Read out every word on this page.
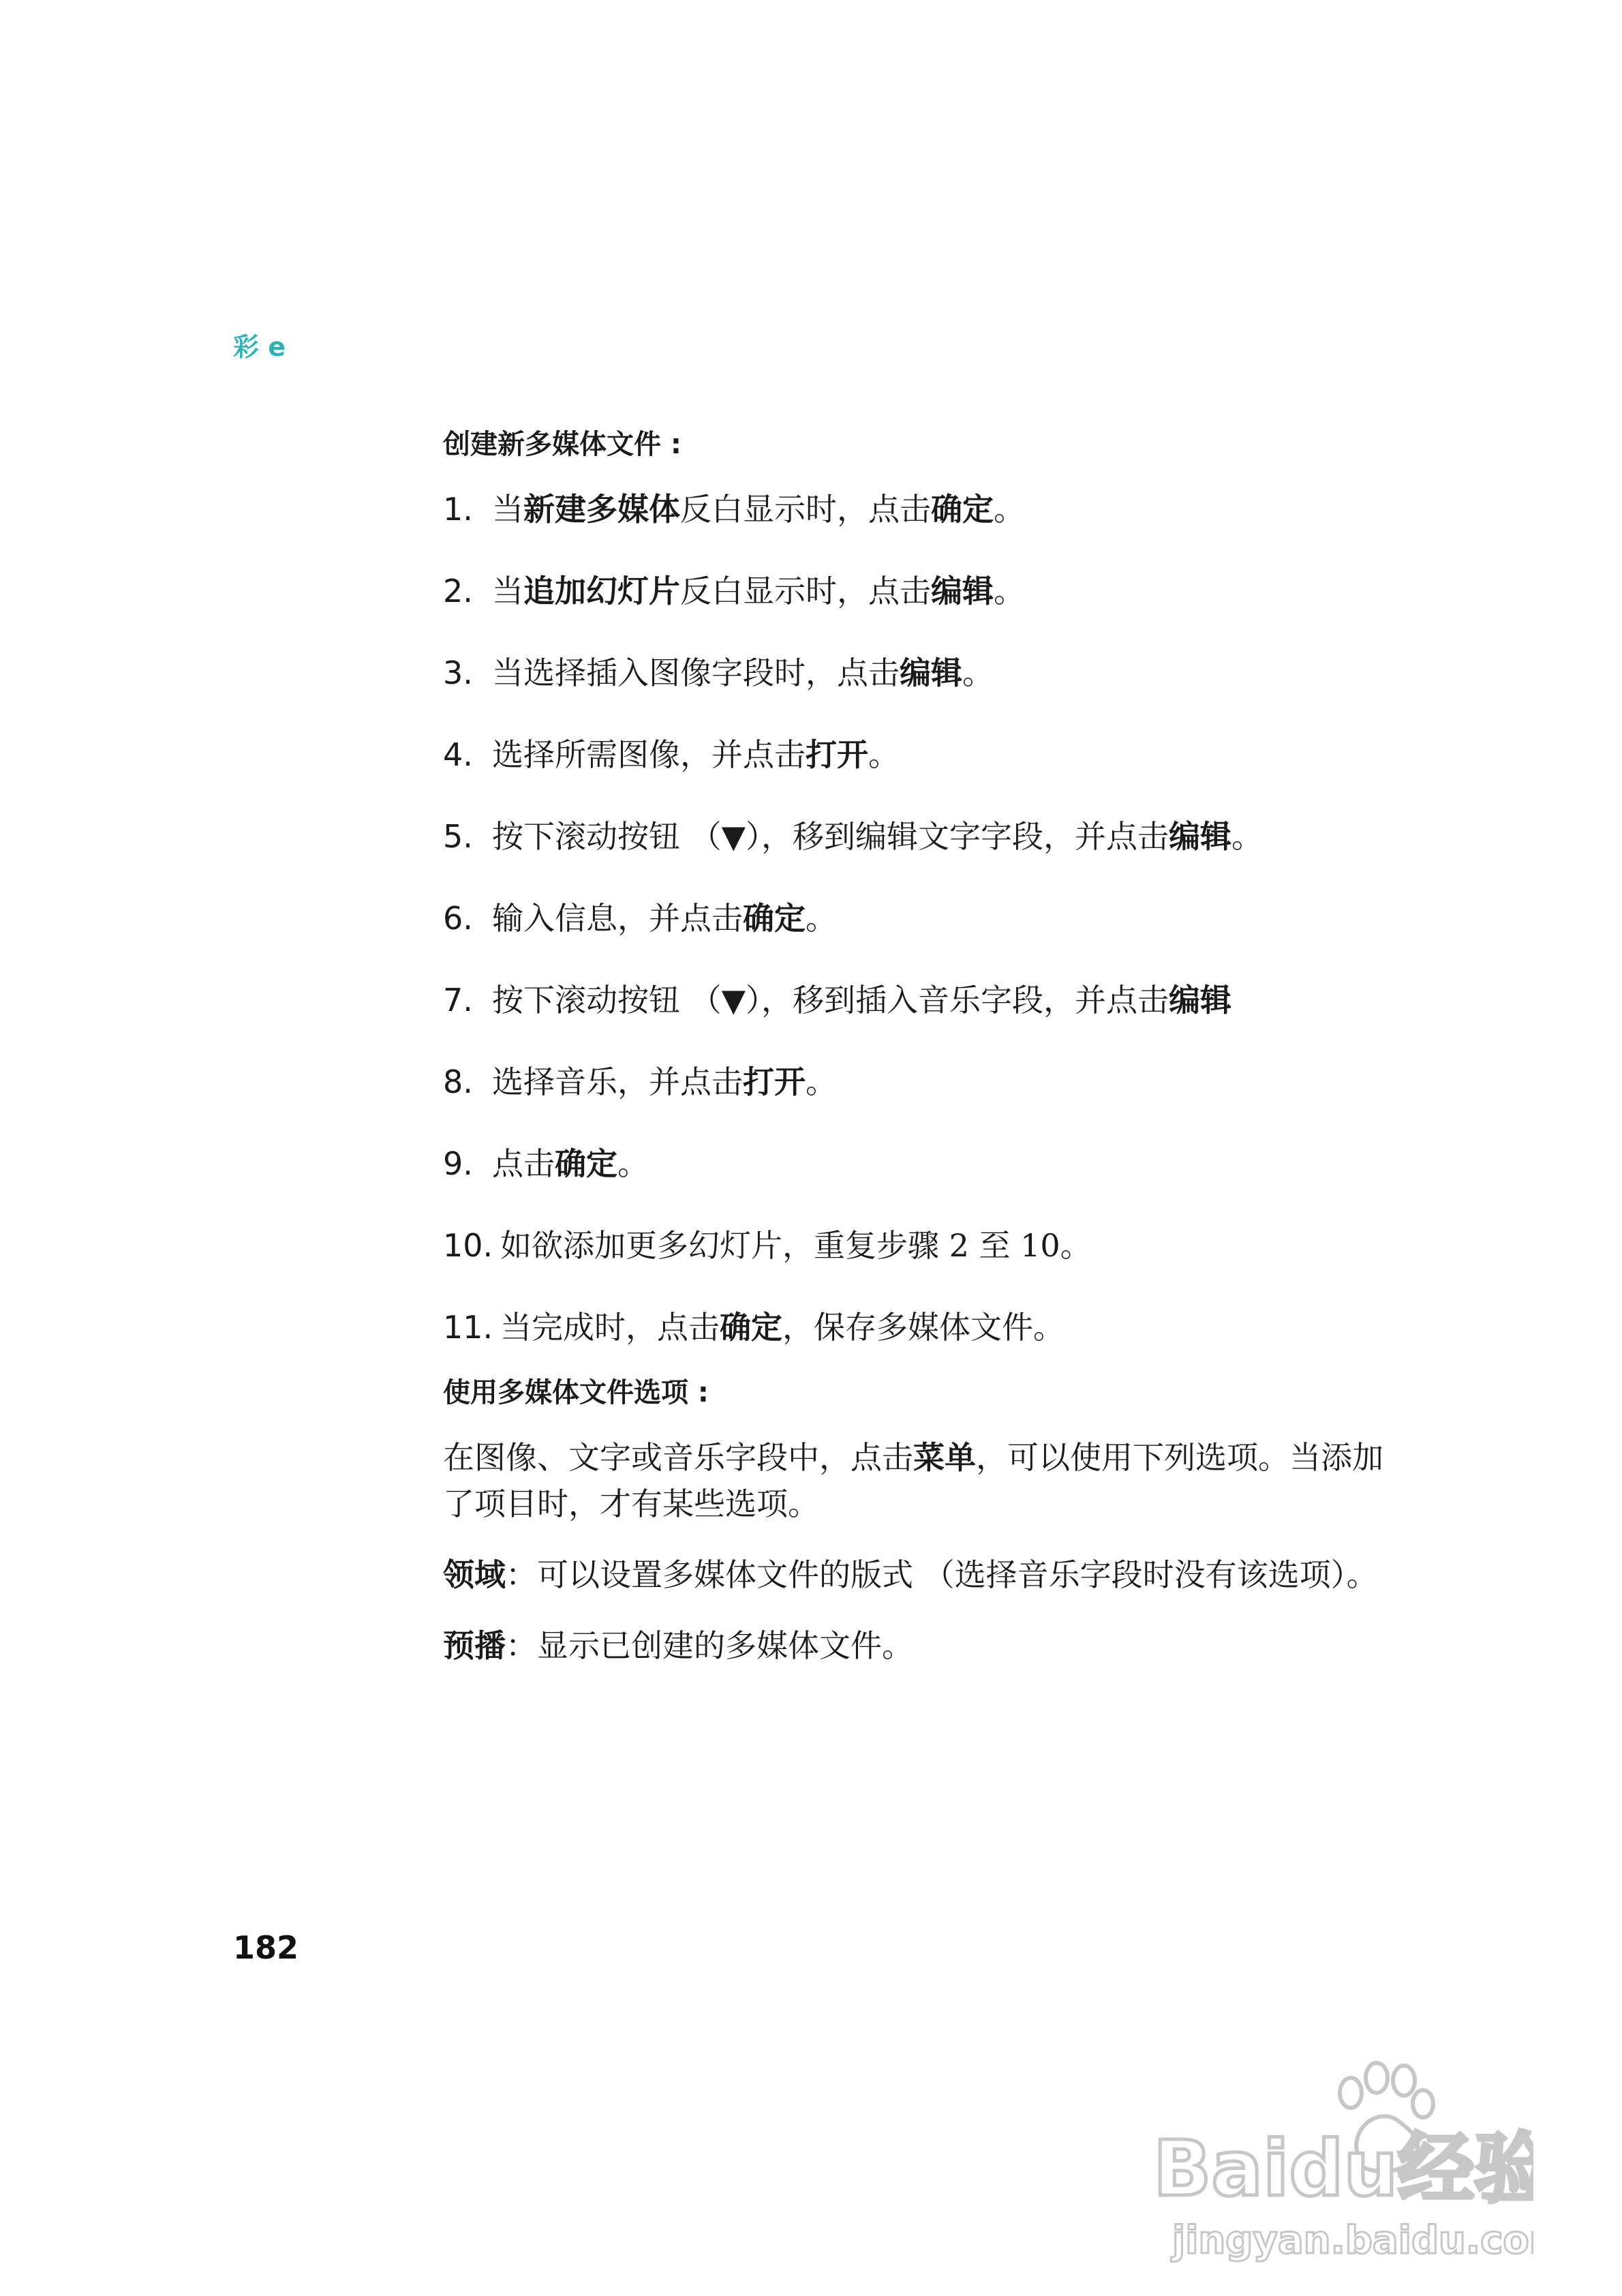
彩 e
创建新多媒体文件 :
1. 当新建多媒体反白显示时，点击确定。
2. 当追加幻灯片反白显示时，点击编辑。
3. 当选择插入图像字段时，点击编辑。
4. 选择所需图像，并点击打开。
5. 按下滚动按钮 （▼），移到编辑文字字段，并点击编辑。
6. 输入信息，并点击确定。
7. 按下滚动按钮 （▼），移到插入音乐字段，并点击编辑
8. 选择音乐，并点击打开。
9. 点击确定。
10. 如欲添加更多幻灯片，重复步骤 2 至 10。
11. 当完成时，点击确定，保存多媒体文件。
使用多媒体文件选项 :

在图像、文字或音乐字段中，点击菜单，可以使用下列选项。当添加了项目时，才有某些选项。

领域：可以设置多媒体文件的版式 （选择音乐字段时没有该选项）。

预播：显示已创建的多媒体文件。

182
Baidu经验
jingyan.baidu.com
